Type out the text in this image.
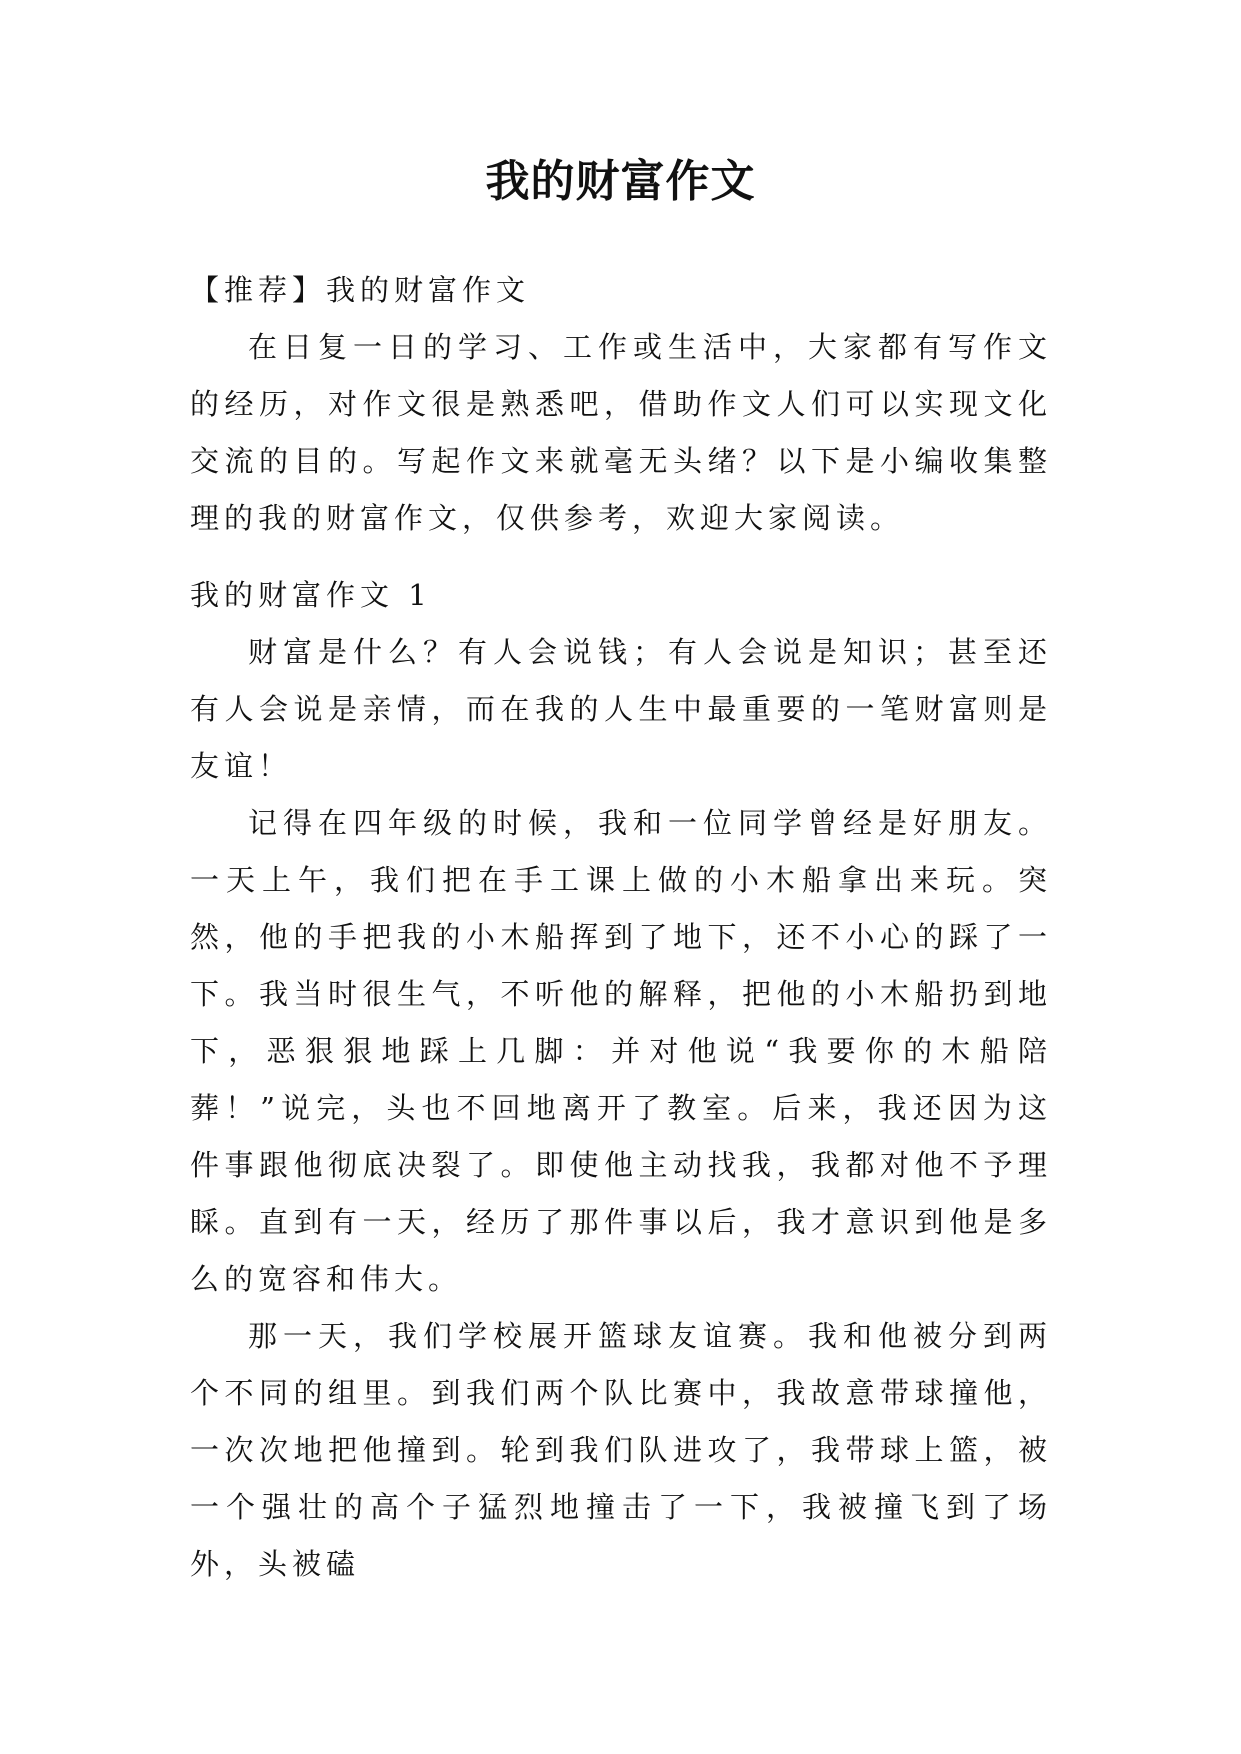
我的财富作文

【推荐】我的财富作文

在日复一日的学习、工作或生活中，大家都有写作文的经历，对作文很是熟悉吧，借助作文人们可以实现文化交流的目的。写起作文来就毫无头绪？以下是小编收集整理的我的财富作文，仅供参考，欢迎大家阅读。

我的财富作文 1

财富是什么？有人会说钱；有人会说是知识；甚至还有人会说是亲情，而在我的人生中最重要的一笔财富则是友谊！

记得在四年级的时候，我和一位同学曾经是好朋友。一天上午，我们把在手工课上做的小木船拿出来玩。突然，他的手把我的小木船挥到了地下，还不小心的踩了一下。我当时很生气，不听他的解释，把他的小木船扔到地下，恶狠狠地踩上几脚：并对他说“我要你的木船陪葬！”说完，头也不回地离开了教室。后来，我还因为这件事跟他彻底决裂了。即使他主动找我，我都对他不予理睬。直到有一天，经历了那件事以后，我才意识到他是多么的宽容和伟大。

那一天，我们学校展开篮球友谊赛。我和他被分到两个不同的组里。到我们两个队比赛中，我故意带球撞他，一次次地把他撞到。轮到我们队进攻了，我带球上篮，被一个强壮的高个子猛烈地撞击了一下，我被撞飞到了场外，头被磕
